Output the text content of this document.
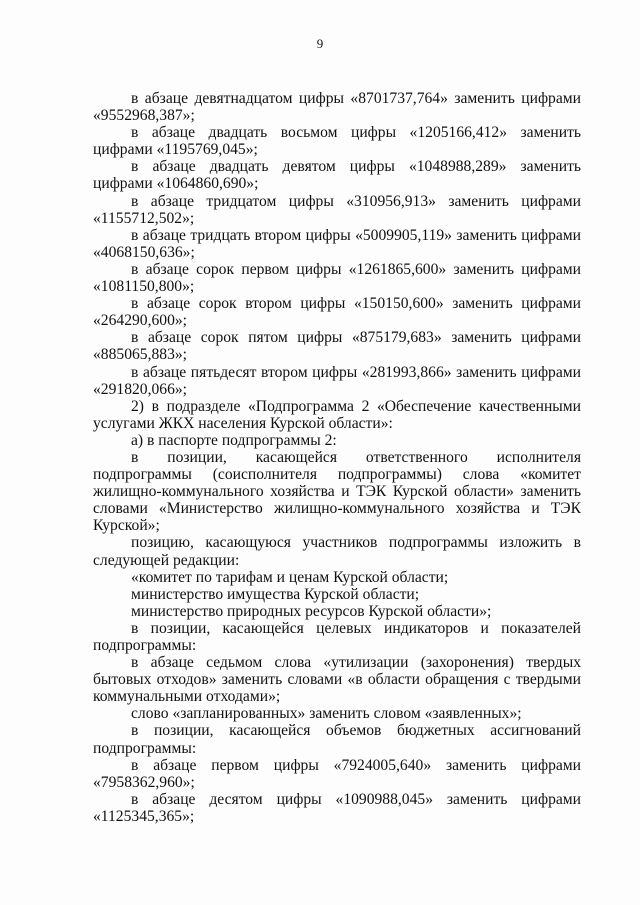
9

в абзаце девятнадцатом цифры «8701737,764» заменить цифрами «9552968,387»;

в абзаце двадцать восьмом цифры «1205166,412» заменить цифрами «1195769,045»;

в абзаце двадцать девятом цифры «1048988,289» заменить цифрами «1064860,690»;

в абзаце тридцатом цифры «310956,913» заменить цифрами «1155712,502»;

в абзаце тридцать втором цифры «5009905,119» заменить цифрами «4068150,636»;

в абзаце сорок первом цифры «1261865,600» заменить цифрами «1081150,800»;

в абзаце сорок втором цифры «150150,600» заменить цифрами «264290,600»;

в абзаце сорок пятом цифры «875179,683» заменить цифрами «885065,883»;

в абзаце пятьдесят втором цифры «281993,866» заменить цифрами «291820,066»;

2) в подразделе «Подпрограмма 2 «Обеспечение качественными услугами ЖКХ населения Курской области»:

а) в паспорте подпрограммы 2:

в позиции, касающейся ответственного исполнителя подпрограммы (соисполнителя подпрограммы) слова «комитет жилищно-коммунального хозяйства и ТЭК Курской области» заменить словами «Министерство жилищно-коммунального хозяйства и ТЭК Курской»;

позицию, касающуюся участников подпрограммы изложить в следующей редакции:

«комитет по тарифам и ценам Курской области;

министерство имущества Курской области;

министерство природных ресурсов Курской области»;

в позиции, касающейся целевых индикаторов и показателей подпрограммы:

в абзаце седьмом слова «утилизации (захоронения) твердых бытовых отходов» заменить словами «в области обращения с твердыми коммунальными отходами»;

слово «запланированных» заменить словом «заявленных»;

в позиции, касающейся объемов бюджетных ассигнований подпрограммы:

в абзаце первом цифры «7924005,640» заменить цифрами «7958362,960»;

в абзаце десятом цифры «1090988,045» заменить цифрами «1125345,365»;
